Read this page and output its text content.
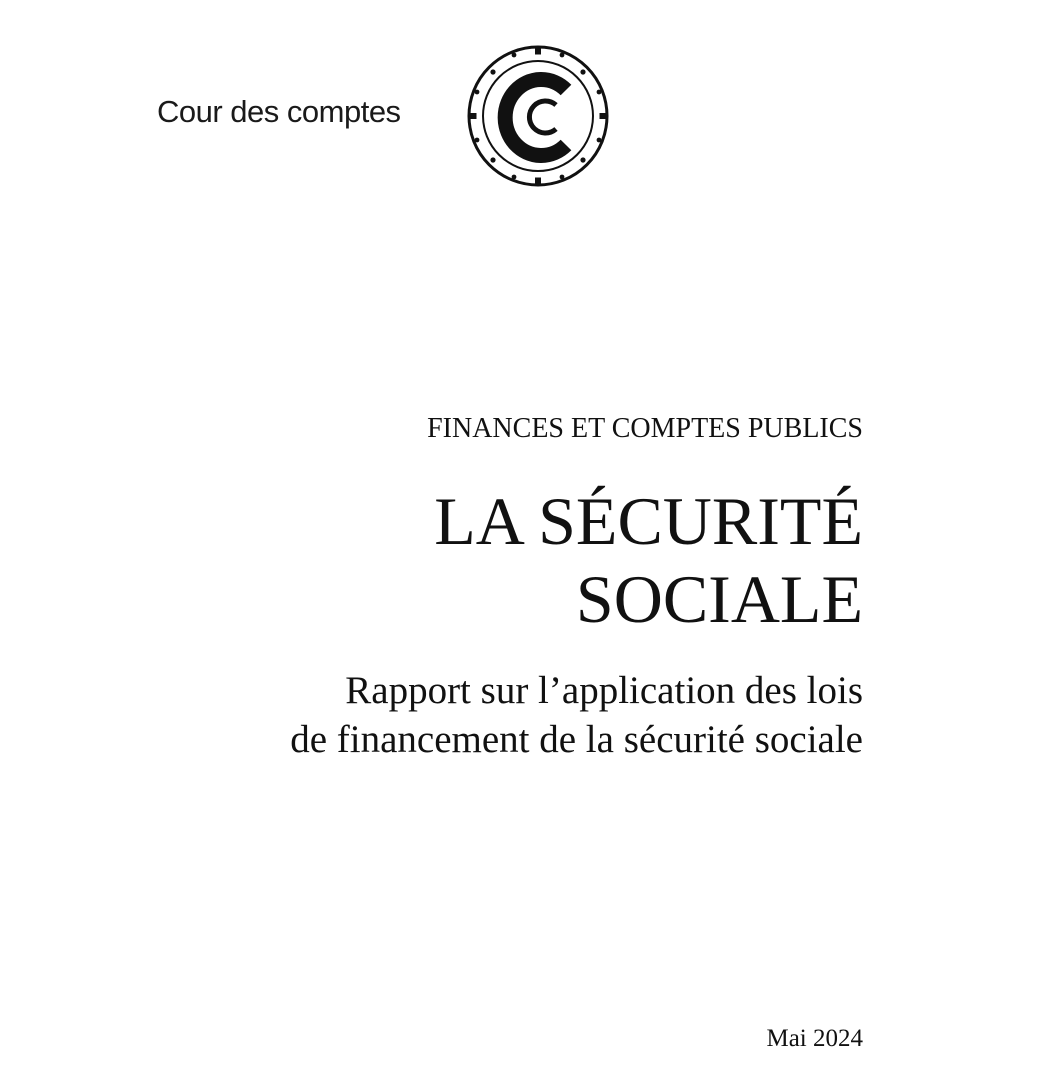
Cour des comptes
FINANCES ET COMPTES PUBLICS
LA SÉCURITÉ
SOCIALE
Rapport sur l’application des lois
de financement de la sécurité sociale
Mai 2024
